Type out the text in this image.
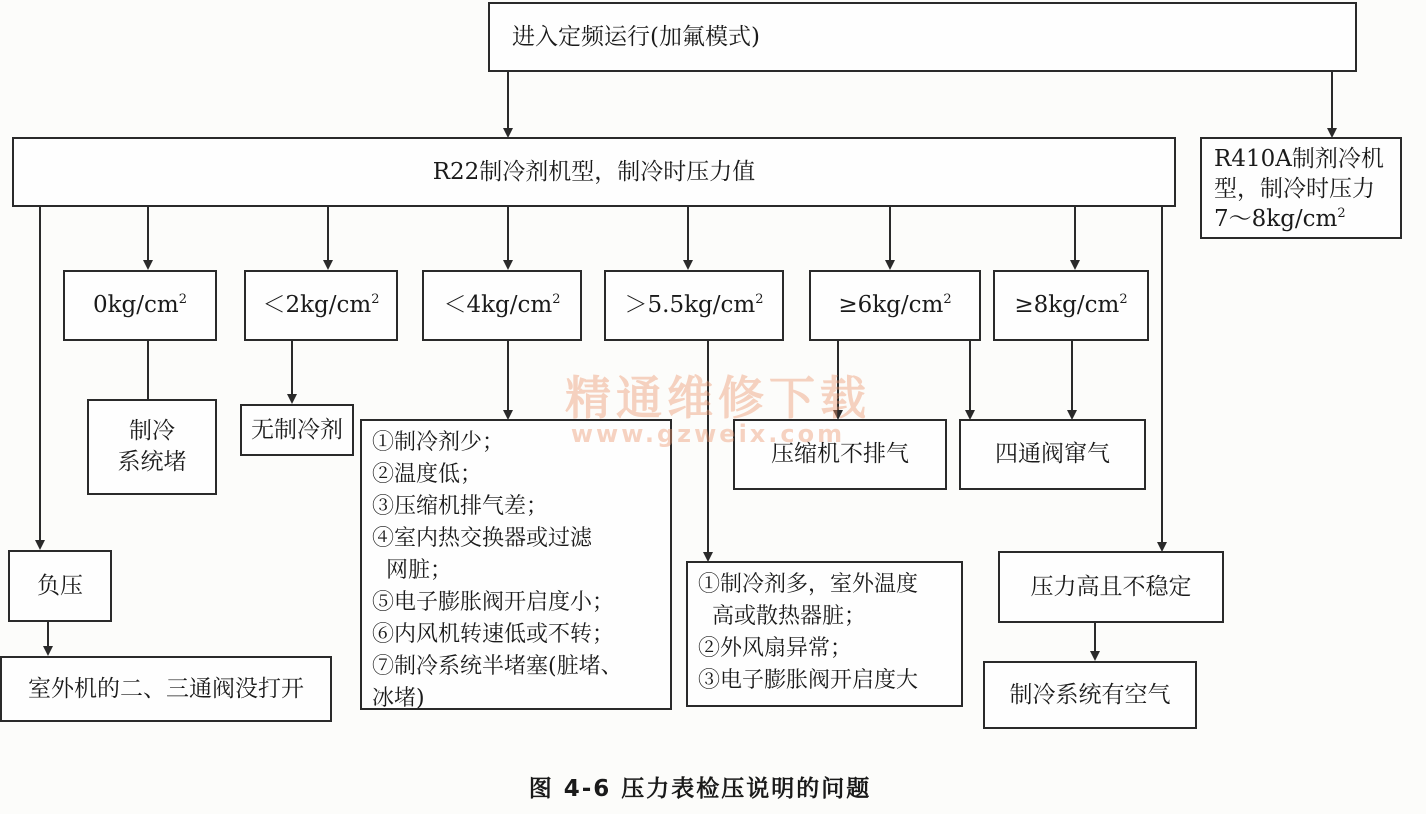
进入定频运行(加氟模式)
R22制冷剂机型，制冷时压力值	R410A制剂冷机
型，制冷时压力
$7\sim 8kg/cm^2$
$0kg/cm^2$	$<2kg/cm^2$	$<4kg/cm^2$	$>5.5kg/cm^2$	$\ge 6kg/cm^2$	$\ge 8kg/cm^2$
制冷
系统堵
无制冷剂 ①制冷剂少；
②温度低；
③压缩机排气差；
④室内热交换器或过滤
网脏；
⑤电子膨胀阀开启度小；
⑥内风机转速低或不转；
⑦制冷系统半堵塞(脏堵、
冰堵)
压缩机不排气	四通阀窜气
①制冷剂多，室外温度
高或散热器脏；
②外风扇异常；
③电子膨胀阀开启度大
负压
室外机的二、三通阀没打开
压力高且不稳定
制冷系统有空气
精通维修下载
www.gzweix.com
图 4-6 压力表检压说明的问题
